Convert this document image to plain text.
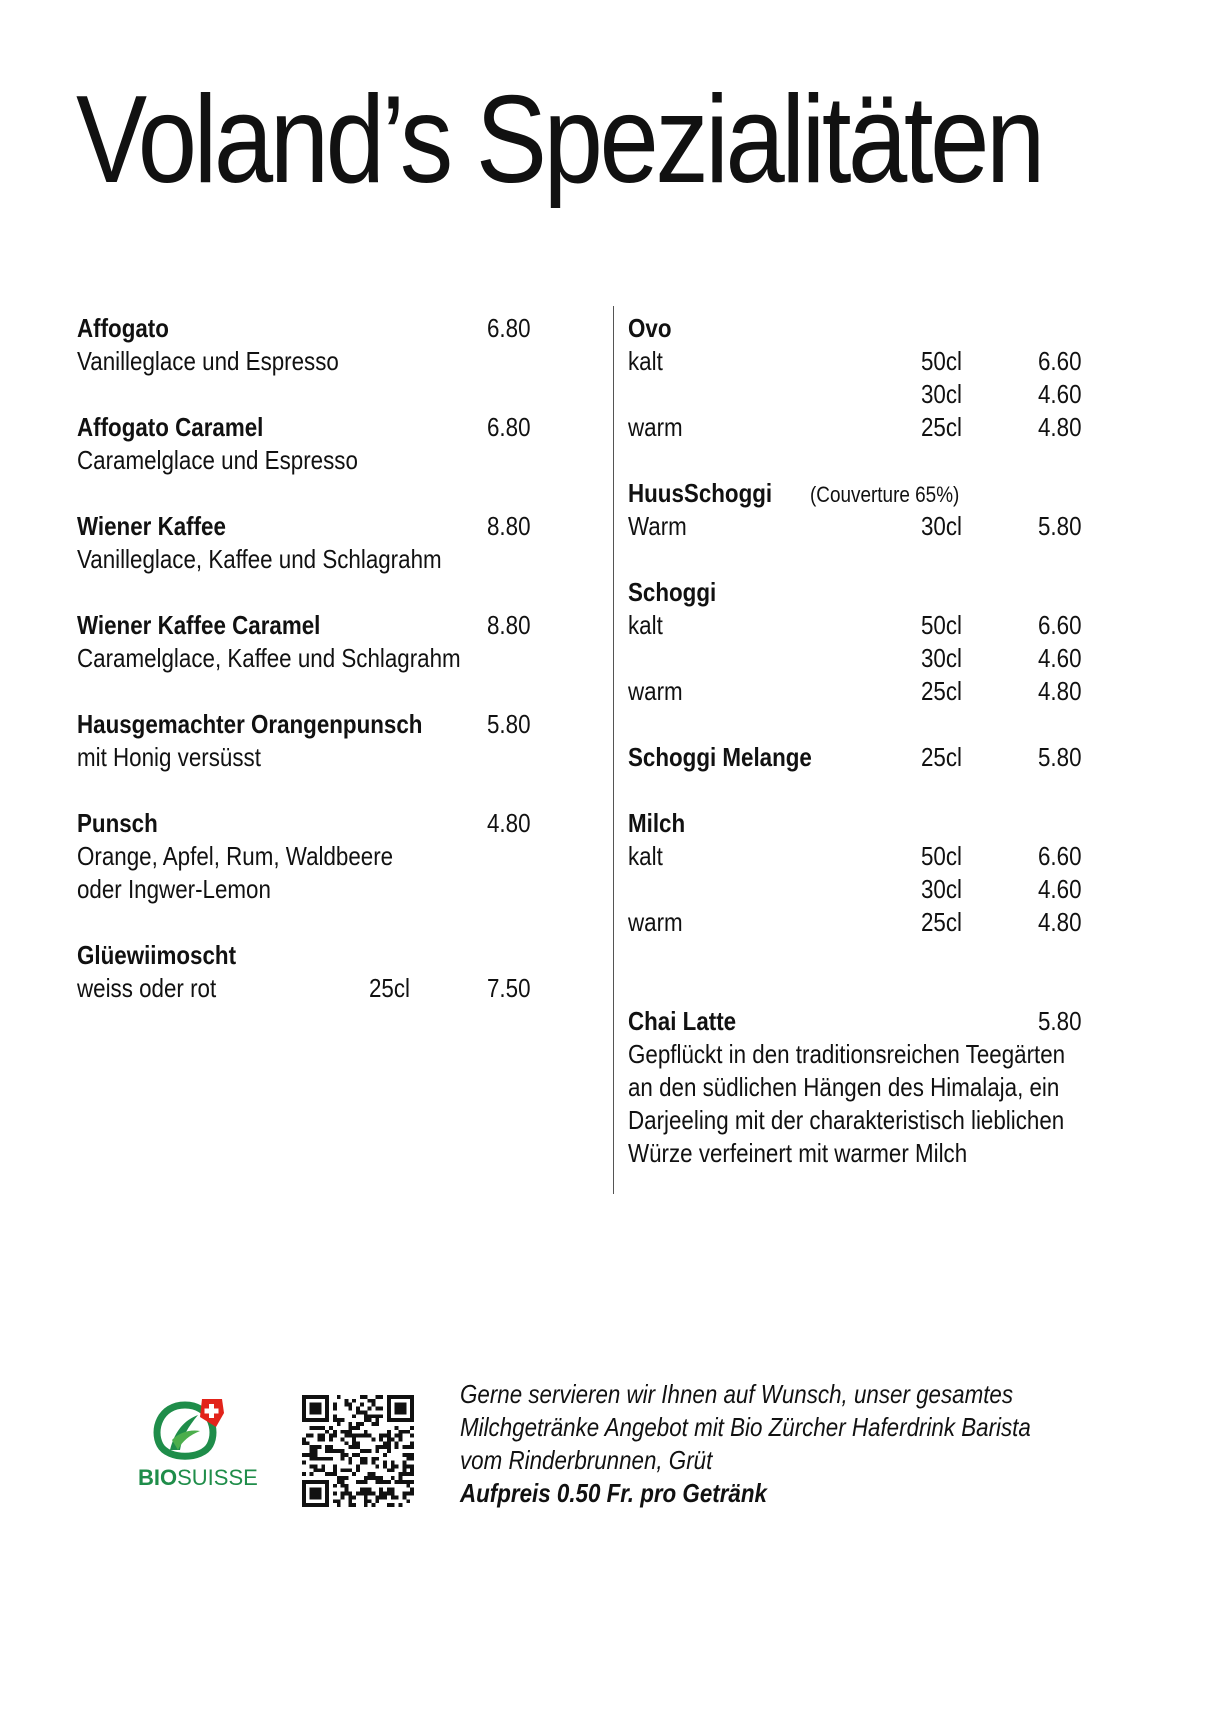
Voland’s Spezialitäten
Affogato	6.80
Vanilleglace und Espresso
Affogato Caramel	6.80
Caramelglace und Espresso
Wiener Kaffee	8.80
Vanilleglace, Kaffee und Schlagrahm
Wiener Kaffee Caramel	8.80
Caramelglace, Kaffee und Schlagrahm
Hausgemachter Orangenpunsch 5.80
mit Honig versüsst
Punsch	4.80
Orange, Apfel, Rum, Waldbeere
oder Ingwer-Lemon
Glüewiimoscht
weiss oder rot	25cl	7.50
Ovo
kalt	50cl	6.60
30cl	4.60
warm	25cl	4.80
HuusSchoggi (Couverture 65%)
Warm	30cl	5.80
Schoggi
kalt	50cl	6.60
30cl	4.60
warm	25cl	4.80
Schoggi Melange	25cl	5.80
Milch
kalt	50cl	6.60
30cl	4.60
warm	25cl	4.80
Chai Latte	5.80
Gepflückt in den traditionsreichen Teegärten
an den südlichen Hängen des Himalaja, ein
Darjeeling mit der charakteristisch lieblichen
Würze verfeinert mit warmer Milch
BIOSUISSE
Gerne servieren wir Ihnen auf Wunsch, unser gesamtes
Milchgetränke Angebot mit Bio Zürcher Haferdrink Barista
vom Rinderbrunnen, Grüt
Aufpreis 0.50 Fr. pro Getränk
